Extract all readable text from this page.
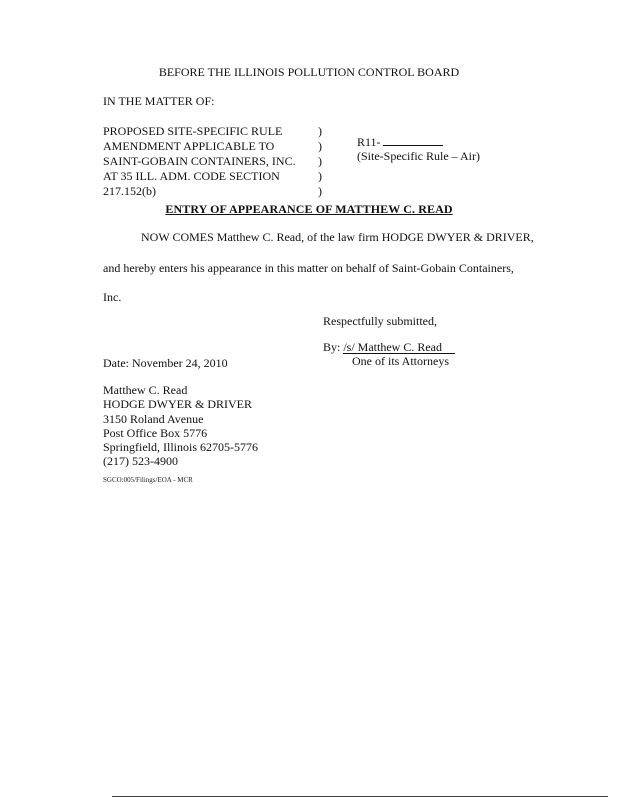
BEFORE THE ILLINOIS POLLUTION CONTROL BOARD
IN THE MATTER OF:
PROPOSED SITE-SPECIFIC RULE
AMENDMENT APPLICABLE TO
SAINT-GOBAIN CONTAINERS, INC.
AT 35 ILL. ADM. CODE SECTION
217.152(b)
)
)
)
)
)
R11-
(Site-Specific Rule – Air)
ENTRY OF APPEARANCE OF MATTHEW C. READ
NOW COMES Matthew C. Read, of the law firm HODGE DWYER & DRIVER,
and hereby enters his appearance in this matter on behalf of Saint-Gobain Containers,
Inc.
Respectfully submitted,
By: /s/ Matthew C. Read
One of its Attorneys
Date: November 24, 2010
Matthew C. Read
HODGE DWYER & DRIVER
3150 Roland Avenue
Post Office Box 5776
Springfield, Illinois 62705-5776
(217) 523-4900
SGCO:005/Filings/EOA - MCR
